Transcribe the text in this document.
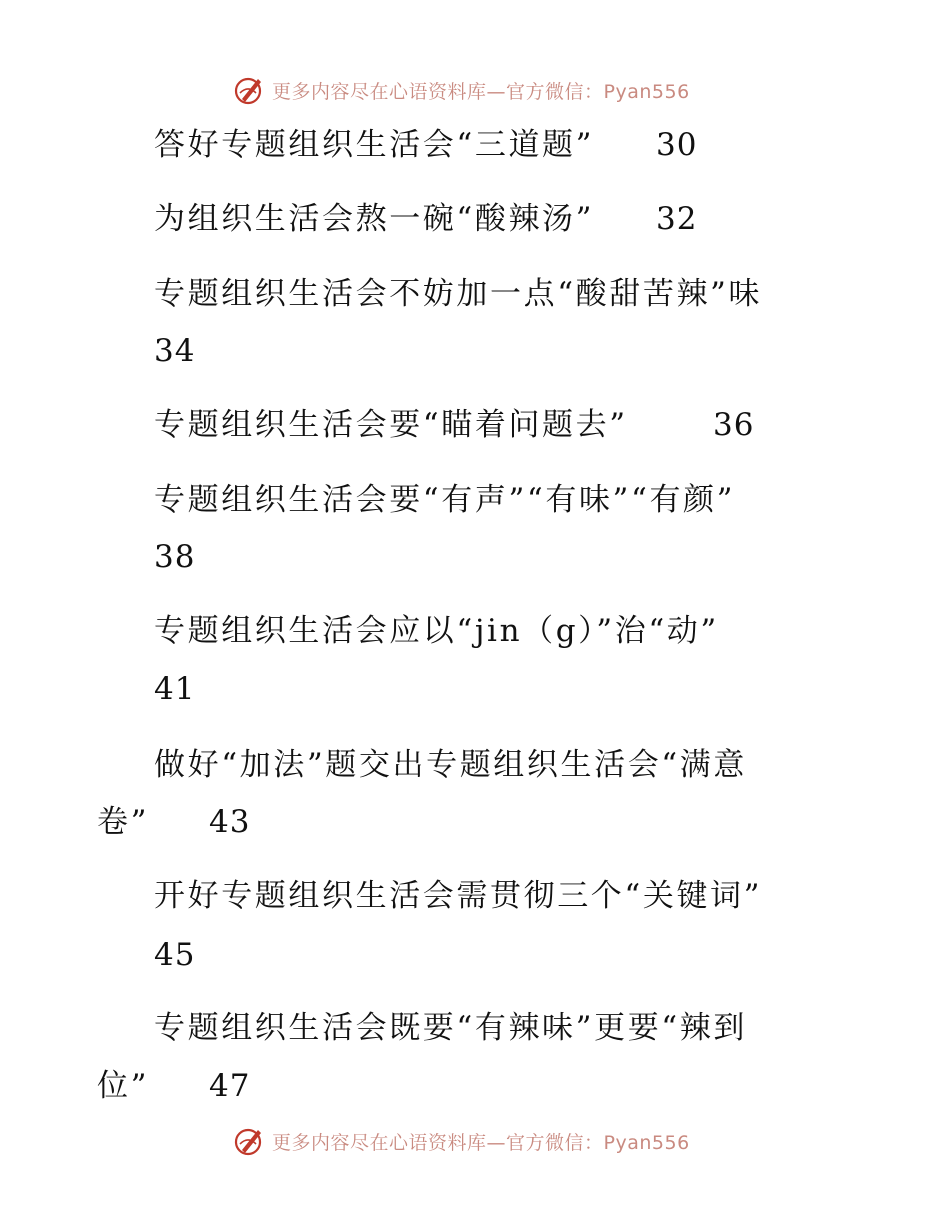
更多内容尽在心语资料库—官方微信：Pyan556
答好专题组织生活会“三道题” 30
为组织生活会熬一碗“酸辣汤” 32
专题组织生活会不妨加一点“酸甜苦辣”味
34
专题组织生活会要“瞄着问题去”	36
专题组织生活会要“有声”“有味”“有颜”
38
专题组织生活会应以“jin（g）”治“动”
41
做好“加法”题交出专题组织生活会“满意
卷” 43
开好专题组织生活会需贯彻三个“关键词”
45
专题组织生活会既要“有辣味”更要“辣到
位” 47
更多内容尽在心语资料库—官方微信：Pyan556
